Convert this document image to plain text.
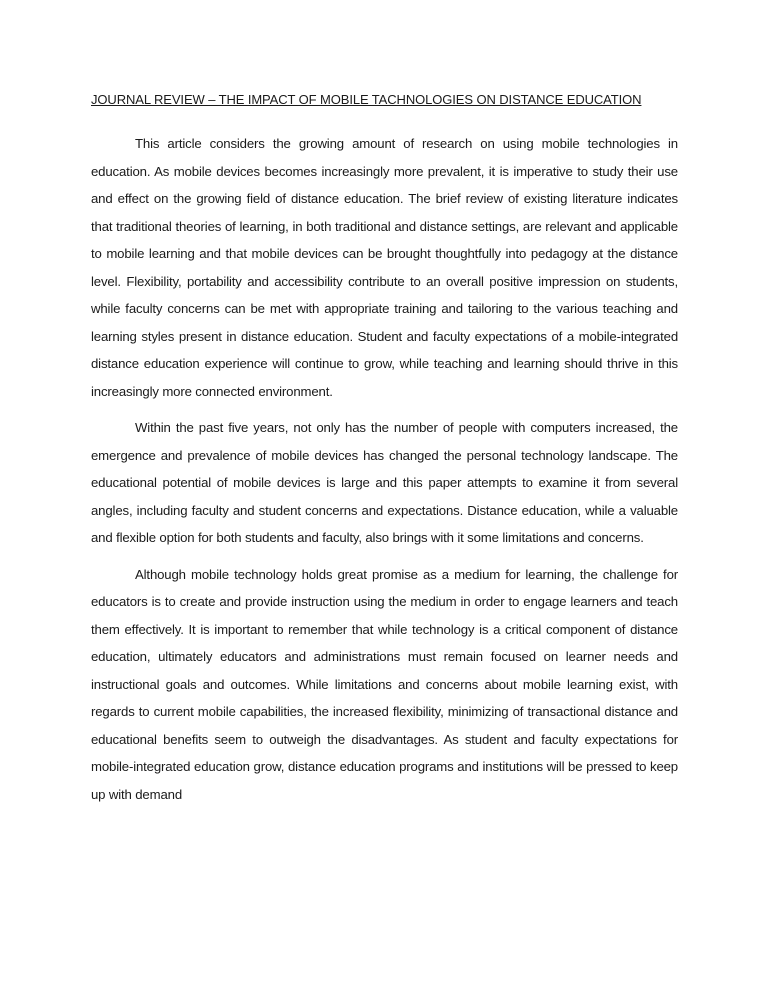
JOURNAL REVIEW – THE IMPACT OF MOBILE TACHNOLOGIES ON DISTANCE EDUCATION

This article considers the growing amount of research on using mobile technologies in education. As mobile devices becomes increasingly more prevalent, it is imperative to study their use and effect on the growing field of distance education. The brief review of existing literature indicates that traditional theories of learning, in both traditional and distance settings, are relevant and applicable to mobile learning and that mobile devices can be brought thoughtfully into pedagogy at the distance level. Flexibility, portability and accessibility contribute to an overall positive impression on students, while faculty concerns can be met with appropriate training and tailoring to the various teaching and learning styles present in distance education. Student and faculty expectations of a mobile-integrated distance education experience will continue to grow, while teaching and learning should thrive in this increasingly more connected environment.

Within the past five years, not only has the number of people with computers increased, the emergence and prevalence of mobile devices has changed the personal technology landscape. The educational potential of mobile devices is large and this paper attempts to examine it from several angles, including faculty and student concerns and expectations. Distance education, while a valuable and flexible option for both students and faculty, also brings with it some limitations and concerns.

Although mobile technology holds great promise as a medium for learning, the challenge for educators is to create and provide instruction using the medium in order to engage learners and teach them effectively. It is important to remember that while technology is a critical component of distance education, ultimately educators and administrations must remain focused on learner needs and instructional goals and outcomes. While limitations and concerns about mobile learning exist, with regards to current mobile capabilities, the increased flexibility, minimizing of transactional distance and educational benefits seem to outweigh the disadvantages. As student and faculty expectations for mobile-integrated education grow, distance education programs and institutions will be pressed to keep up with demand
